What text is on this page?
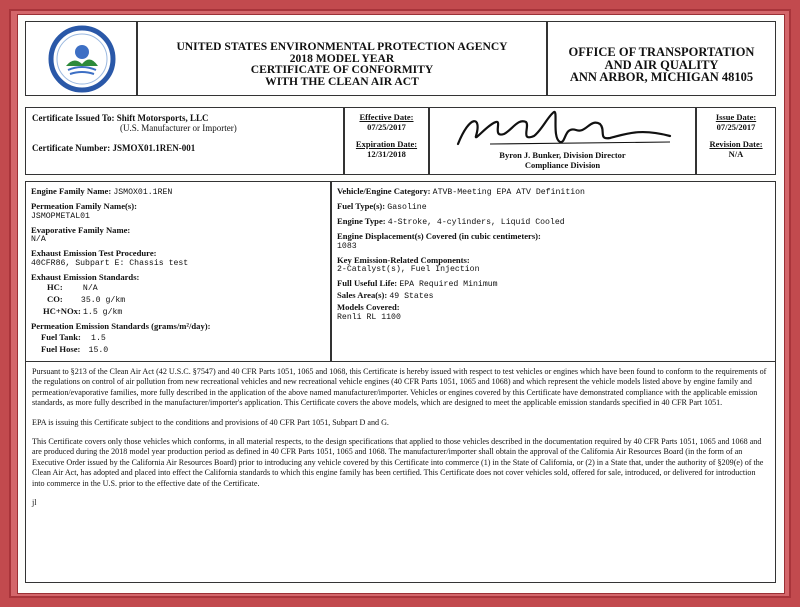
UNITED STATES ENVIRONMENTAL PROTECTION AGENCY
2018 MODEL YEAR
CERTIFICATE OF CONFORMITY
WITH THE CLEAN AIR ACT
OFFICE OF TRANSPORTATION
AND AIR QUALITY
ANN ARBOR, MICHIGAN 48105
Certificate Issued To: Shift Motorsports, LLC
(U.S. Manufacturer or Importer)
Certificate Number: JSMOX01.1REN-001
Effective Date:
07/25/2017
Expiration Date:
12/31/2018	Byron J. Bunker, Division Director
Compliance Division
Issue Date:
07/25/2017
Revision Date:
N/A
Engine Family Name: JSMOX01.1REN
Permeation Family Name(s):
JSMOPMETAL01
Evaporative Family Name:
N/A
Exhaust Emission Test Procedure:
40CFR86, Subpart E: Chassis test
Exhaust Emission Standards:
HC: N/A
CO: 35.0 g/km
HC+NOx: 1.5 g/km
Permeation Emission Standards (grams/m²/day):
Fuel Tank: 1.5
Fuel Hose: 15.0
Vehicle/Engine Category: ATVB-Meeting EPA ATV Definition
Fuel Type(s): Gasoline
Engine Type: 4-Stroke, 4-cylinders, Liquid Cooled
Engine Displacement(s) Covered (in cubic centimeters):
1083
Key Emission-Related Components:
2-Catalyst(s), Fuel Injection
Full Useful Life: EPA Required Minimum
Sales Area(s): 49 States
Models Covered:
Renli RL 1100

Pursuant to §213 of the Clean Air Act (42 U.S.C. §7547) and 40 CFR Parts 1051, 1065 and 1068, this Certificate is hereby issued with respect to test vehicles or engines which have been found to conform to the requirements of the regulations on control of air pollution from new recreational vehicles and new recreational vehicle engines (40 CFR Parts 1051, 1065 and 1068) and which represent the vehicle models listed above by engine family and permeation/evaporative families, more fully described in the application of the above named manufacturer/importer. Vehicles or engines covered by this Certificate have demonstrated compliance with the applicable emission standards, as more fully described in the manufacturer/importer's application. This Certificate covers the above models, which are designed to meet the applicable emission standards specified in 40 CFR Part 1051.

EPA is issuing this Certificate subject to the conditions and provisions of 40 CFR Part 1051, Subpart D and G.

This Certificate covers only those vehicles which conforms, in all material respects, to the design specifications that applied to those vehicles described in the documentation required by 40 CFR Parts 1051, 1065 and 1068 and are produced during the 2018 model year production period as defined in 40 CFR Parts 1051, 1065 and 1068. The manufacturer/importer shall obtain the approval of the California Air Resources Board (in the form of an Executive Order issued by the California Air Resources Board) prior to introducing any vehicle covered by this Certificate into commerce (1) in the State of California, or (2) in a State that, under the authority of §209(e) of the Clean Air Act, has adopted and placed into effect the California standards to which this engine family has been certified. This Certificate does not cover vehicles sold, offered for sale, introduced, or delivered for introduction into commerce in the U.S. prior to the effective date of the Certificate.

jl
